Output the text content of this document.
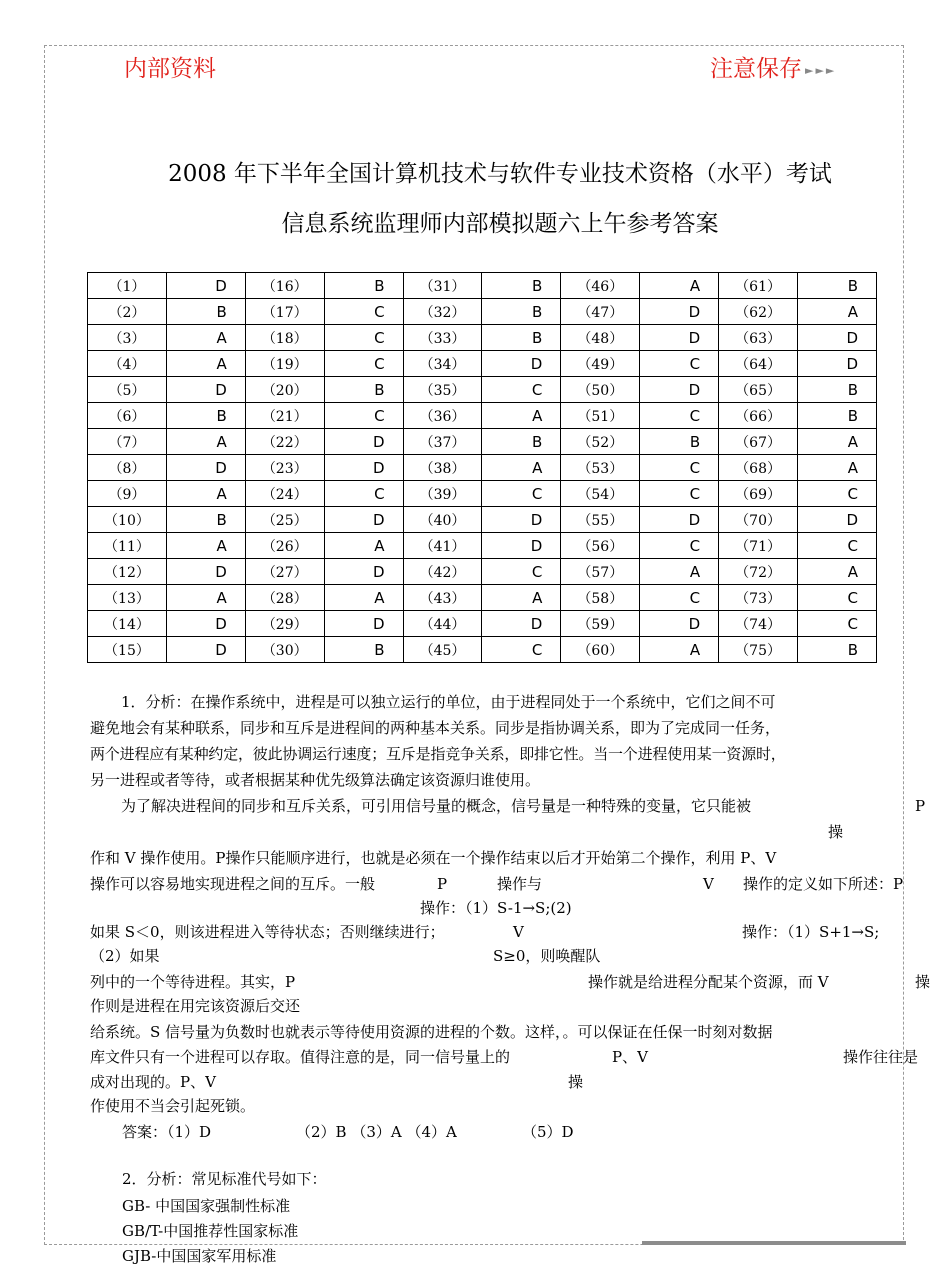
内部资料	注意保存 ►►►
2008 年下半年全国计算机技术与软件专业技术资格（水平）考试
信息系统监理师内部模拟题六上午参考答案
（1）	D	（16）	B	（31）	B	（46）	A	（61）	B
（2）	B	（17）	C	（32）	B	（47）	D	（62）	A
（3）	A	（18）	C	（33）	B	（48）	D	（63）	D
（4）	A	（19）	C	（34）	D	（49）	C	（64）	D
（5）	D	（20）	B	（35）	C	（50）	D	（65）	B
（6）	B	（21）	C	（36）	A	（51）	C	（66）	B
（7）	A	（22）	D	（37）	B	（52）	B	（67）	A
（8）	D	（23）	D	（38）	A	（53）	C	（68）	A
（9）	A	（24）	C	（39）	C	（54）	C	（69）	C
（10）	B	（25）	D	（40）	D	（55）	D	（70）	D
（11）	A	（26）	A	（41）	D	（56）	C	（71）	C
（12）	D	（27）	D	（42）	C	（57）	A	（72）	A
（13）	A	（28）	A	（43）	A	（58）	C	（73）	C
（14）	D	（29）	D	（44）	D	（59）	D	（74）	C
（15）	D	（30）	B	（45）	C	（60）	A	（75）	B
1．分析：在操作系统中，进程是可以独立运行的单位，由于进程同处于一个系统中，它们之间不可
避免地会有某种联系，同步和互斥是进程间的两种基本关系。同步是指协调关系，即为了完成同一任务，
两个进程应有某种约定，彼此协调运行速度；互斥是指竞争关系，即排它性。当一个进程使用某一资源时，
另一进程或者等待，或者根据某种优先级算法确定该资源归谁使用。
为了解决进程间的同步和互斥关系，可引用信号量的概念，信号量是一种特殊的变量，它只能被	P
操
作和 V 操作使用。P操作只能顺序进行，也就是必须在一个操作结束以后才开始第二个操作，利用 P、V
操作可以容易地实现进程之间的互斥。一般	P	操作与	V 操作的定义如下所述：P
操作：（1）S-1→S;(2)
如果 S＜0，则该进程进入等待状态；否则继续进行；	V	操作：（1）S+1→S;
（2）如果	S≥0，则唤醒队
列中的一个等待进程。其实，P	操作就是给进程分配某个资源，而 V	操
作则是进程在用完该资源后交还
给系统。S 信号量为负数时也就表示等待使用资源的进程的个数。这样，。可以保证在任保一时刻对数据
库文件只有一个进程可以存取。值得注意的是，同一信号量上的	P、V	操作往往是
成对出现的。P、V	操
作使用不当会引起死锁。
答案：（1）D	（2）B （3）A （4）A	（5）D
2．分析：常见标准代号如下：
GB- 中国国家强制性标准
GB/T-中国推荐性国家标准
GJB-中国国家军用标准
